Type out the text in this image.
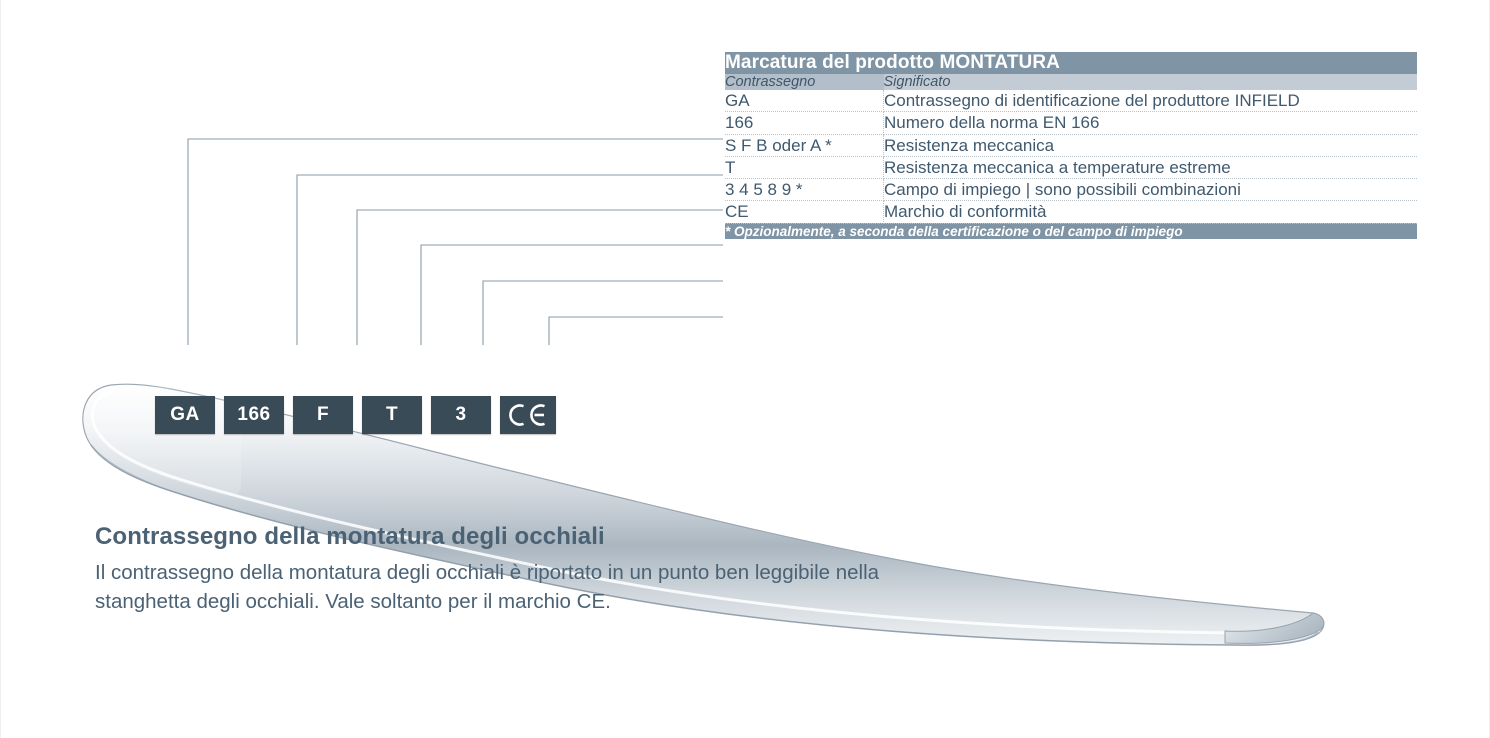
Marcatura del prodotto MONTATURA	
Contrassegno	Significato
GA	Contrassegno di identificazione del produttore INFIELD
166	Numero della norma EN 166
S F B oder A *	Resistenza meccanica
T	Resistenza meccanica a temperature estreme
3 4 5 8 9 *	Campo di impiego | sono possibili combinazioni
CE	Marchio di conformità
* Opzionalmente, a seconda della certificazione o del campo di impiego	
GA 166 F	T	3
Contrassegno della montatura degli occhiali

Il contrassegno della montatura degli occhiali è riportato in un punto ben leggibile nella stanghetta degli occhiali. Vale soltanto per il marchio CE.
